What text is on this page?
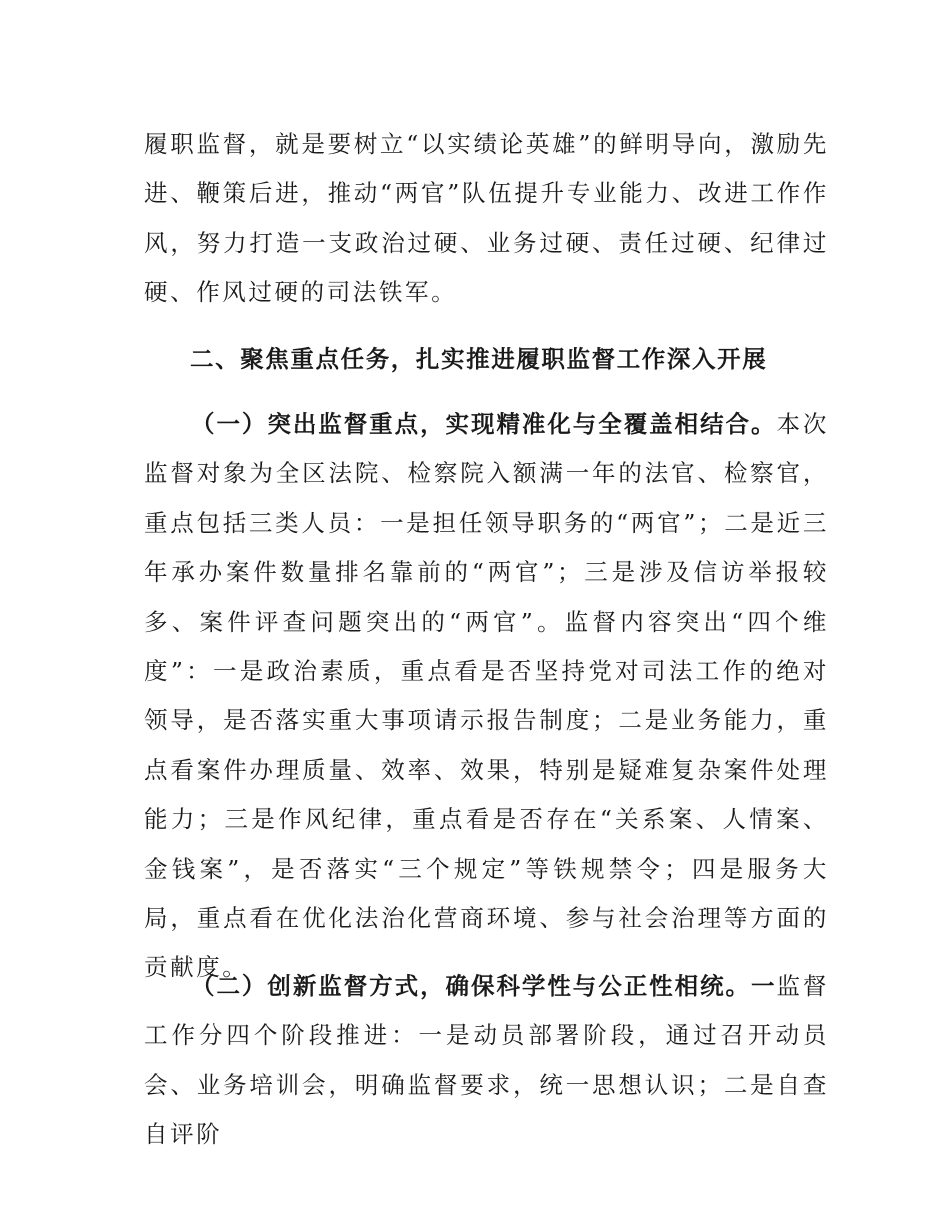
履职监督，就是要树立“以实绩论英雄”的鲜明导向，激励先进、鞭策后进，推动“两官”队伍提升专业能力、改进工作作风，努力打造一支政治过硬、业务过硬、责任过硬、纪律过硬、作风过硬的司法铁军。

二、聚焦重点任务，扎实推进履职监督工作深入开展

（一）突出监督重点，实现精准化与全覆盖相结合。本次监督对象为全区法院、检察院入额满一年的法官、检察官，重点包括三类人员：一是担任领导职务的“两官”；二是近三年承办案件数量排名靠前的“两官”；三是涉及信访举报较多、案件评查问题突出的“两官”。监督内容突出“四个维度”：一是政治素质，重点看是否坚持党对司法工作的绝对领导，是否落实重大事项请示报告制度；二是业务能力，重点看案件办理质量、效率、效果，特别是疑难复杂案件处理能力；三是作风纪律，重点看是否存在“关系案、人情案、金钱案”，是否落实“三个规定”等铁规禁令；四是服务大局，重点看在优化法治化营商环境、参与社会治理等方面的贡献度。

（二）创新监督方式，确保科学性与公正性相统。一监督工作分四个阶段推进：一是动员部署阶段，通过召开动员会、业务培训会，明确监督要求，统一思想认识；二是自查自评阶
